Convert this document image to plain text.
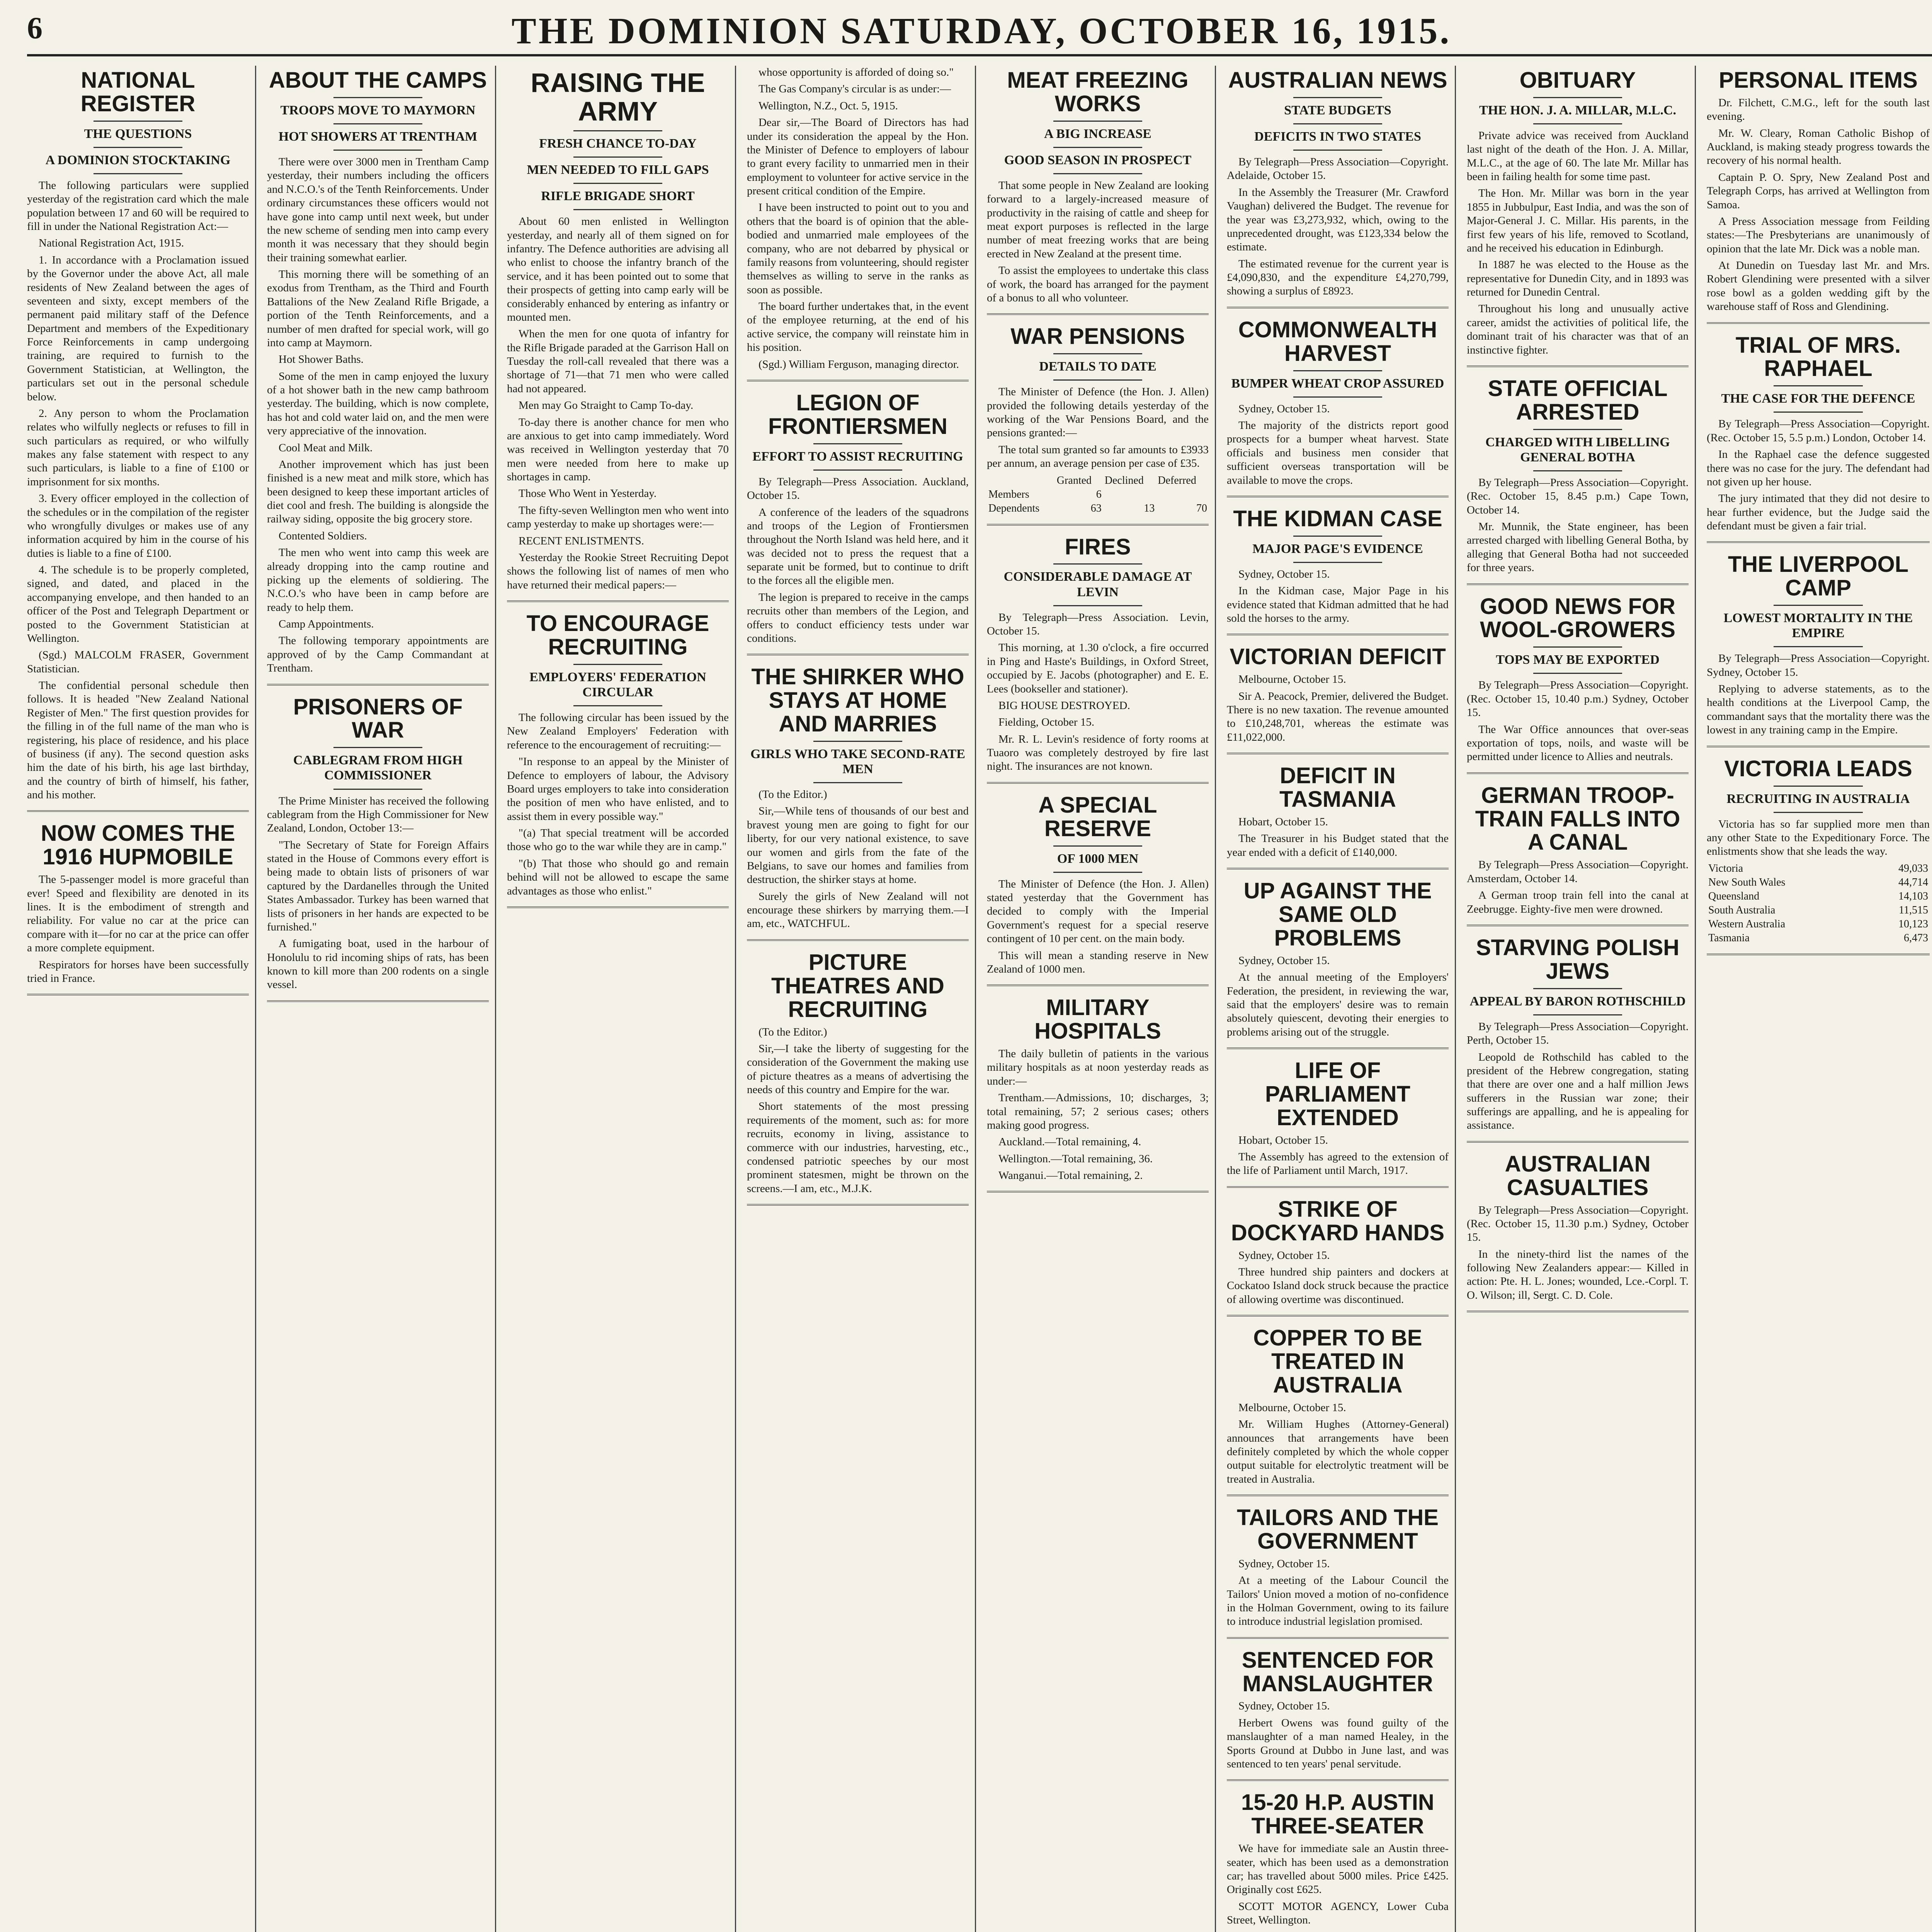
6	THE DOMINION SATURDAY, OCTOBER 16, 1915.
NATIONAL REGISTER
THE QUESTIONS
A DOMINION STOCKTAKING

The following particulars were supplied yesterday of the registration card which the male population between 17 and 60 will be required to fill in under the National Registration Act:—

National Registration Act, 1915.

1. In accordance with a Proclamation issued by the Governor under the above Act, all male residents of New Zealand between the ages of seventeen and sixty, except members of the permanent paid military staff of the Defence Department and members of the Expeditionary Force Reinforcements in camp undergoing training, are required to furnish to the Government Statistician, at Wellington, the particulars set out in the personal schedule below.

2. Any person to whom the Proclamation relates who wilfully neglects or refuses to fill in such particulars as required, or who wilfully makes any false statement with respect to any such particulars, is liable to a fine of £100 or imprisonment for six months.

3. Every officer employed in the collection of the schedules or in the compilation of the register who wrongfully divulges or makes use of any information acquired by him in the course of his duties is liable to a fine of £100.

4. The schedule is to be properly completed, signed, and dated, and placed in the accompanying envelope, and then handed to an officer of the Post and Telegraph Department or posted to the Government Statistician at Wellington.

(Sgd.) MALCOLM FRASER, Government Statistician.

The confidential personal schedule then follows. It is headed "New Zealand National Register of Men." The first question provides for the filling in of the full name of the man who is registering, his place of residence, and his place of business (if any). The second question asks him the date of his birth, his age last birthday, and the country of birth of himself, his father, and his mother.

NOW COMES THE 1916 HUPMOBILE

The 5-passenger model is more graceful than ever! Speed and flexibility are denoted in its lines. It is the embodiment of strength and reliability. For value no car at the price can compare with it—for no car at the price can offer a more complete equipment.

Respirators for horses have been successfully tried in France.

ABOUT THE CAMPS
TROOPS MOVE TO MAYMORN
HOT SHOWERS AT TRENTHAM

There were over 3000 men in Trentham Camp yesterday, their numbers including the officers and N.C.O.'s of the Tenth Reinforcements. Under ordinary circumstances these officers would not have gone into camp until next week, but under the new scheme of sending men into camp every month it was necessary that they should begin their training somewhat earlier.

This morning there will be something of an exodus from Trentham, as the Third and Fourth Battalions of the New Zealand Rifle Brigade, a portion of the Tenth Reinforcements, and a number of men drafted for special work, will go into camp at Maymorn.

Hot Shower Baths.

Some of the men in camp enjoyed the luxury of a hot shower bath in the new camp bathroom yesterday. The building, which is now complete, has hot and cold water laid on, and the men were very appreciative of the innovation.

Cool Meat and Milk.

Another improvement which has just been finished is a new meat and milk store, which has been designed to keep these important articles of diet cool and fresh. The building is alongside the railway siding, opposite the big grocery store.

Contented Soldiers.

The men who went into camp this week are already dropping into the camp routine and picking up the elements of soldiering. The N.C.O.'s who have been in camp before are ready to help them.

Camp Appointments.

The following temporary appointments are approved of by the Camp Commandant at Trentham.

PRISONERS OF WAR
CABLEGRAM FROM HIGH COMMISSIONER

The Prime Minister has received the following cablegram from the High Commissioner for New Zealand, London, October 13:—

"The Secretary of State for Foreign Affairs stated in the House of Commons every effort is being made to obtain lists of prisoners of war captured by the Dardanelles through the United States Ambassador. Turkey has been warned that lists of prisoners in her hands are expected to be furnished."

A fumigating boat, used in the harbour of Honolulu to rid incoming ships of rats, has been known to kill more than 200 rodents on a single vessel.

RAISING THE ARMY
FRESH CHANCE TO-DAY
MEN NEEDED TO FILL GAPS
RIFLE BRIGADE SHORT

About 60 men enlisted in Wellington yesterday, and nearly all of them signed on for infantry. The Defence authorities are advising all who enlist to choose the infantry branch of the service, and it has been pointed out to some that their prospects of getting into camp early will be considerably enhanced by entering as infantry or mounted men.

When the men for one quota of infantry for the Rifle Brigade paraded at the Garrison Hall on Tuesday the roll-call revealed that there was a shortage of 71—that 71 men who were called had not appeared.

Men may Go Straight to Camp To-day.

To-day there is another chance for men who are anxious to get into camp immediately. Word was received in Wellington yesterday that 70 men were needed from here to make up shortages in camp.

Those Who Went in Yesterday.

The fifty-seven Wellington men who went into camp yesterday to make up shortages were:—

RECENT ENLISTMENTS.

Yesterday the Rookie Street Recruiting Depot shows the following list of names of men who have returned their medical papers:—

TO ENCOURAGE RECRUITING
EMPLOYERS' FEDERATION CIRCULAR

The following circular has been issued by the New Zealand Employers' Federation with reference to the encouragement of recruiting:—

"In response to an appeal by the Minister of Defence to employers of labour, the Advisory Board urges employers to take into consideration the position of men who have enlisted, and to assist them in every possible way."

"(a) That special treatment will be accorded those who go to the war while they are in camp."

"(b) That those who should go and remain behind will not be allowed to escape the same advantages as those who enlist."

whose opportunity is afforded of doing so."

The Gas Company's circular is as under:—

Wellington, N.Z., Oct. 5, 1915.

Dear sir,—The Board of Directors has had under its consideration the appeal by the Hon. the Minister of Defence to employers of labour to grant every facility to unmarried men in their employment to volunteer for active service in the present critical condition of the Empire.

I have been instructed to point out to you and others that the board is of opinion that the able-bodied and unmarried male employees of the company, who are not debarred by physical or family reasons from volunteering, should register themselves as willing to serve in the ranks as soon as possible.

The board further undertakes that, in the event of the employee returning, at the end of his active service, the company will reinstate him in his position.

(Sgd.) William Ferguson, managing director.

LEGION OF FRONTIERSMEN
EFFORT TO ASSIST RECRUITING

By Telegraph—Press Association. Auckland, October 15.

A conference of the leaders of the squadrons and troops of the Legion of Frontiersmen throughout the North Island was held here, and it was decided not to press the request that a separate unit be formed, but to continue to drift to the forces all the eligible men.

The legion is prepared to receive in the camps recruits other than members of the Legion, and offers to conduct efficiency tests under war conditions.

THE SHIRKER WHO STAYS AT HOME AND MARRIES
GIRLS WHO TAKE SECOND-RATE MEN

(To the Editor.)

Sir,—While tens of thousands of our best and bravest young men are going to fight for our liberty, for our very national existence, to save our women and girls from the fate of the Belgians, to save our homes and families from destruction, the shirker stays at home.

Surely the girls of New Zealand will not encourage these shirkers by marrying them.—I am, etc., WATCHFUL.

PICTURE THEATRES AND RECRUITING

(To the Editor.)

Sir,—I take the liberty of suggesting for the consideration of the Government the making use of picture theatres as a means of advertising the needs of this country and Empire for the war.

Short statements of the most pressing requirements of the moment, such as: for more recruits, economy in living, assistance to commerce with our industries, harvesting, etc., condensed patriotic speeches by our most prominent statesmen, might be thrown on the screens.—I am, etc., M.J.K.

MEAT FREEZING WORKS
A BIG INCREASE
GOOD SEASON IN PROSPECT

That some people in New Zealand are looking forward to a largely-increased measure of productivity in the raising of cattle and sheep for meat export purposes is reflected in the large number of meat freezing works that are being erected in New Zealand at the present time.

To assist the employees to undertake this class of work, the board has arranged for the payment of a bonus to all who volunteer.

WAR PENSIONS
DETAILS TO DATE

The Minister of Defence (the Hon. J. Allen) provided the following details yesterday of the working of the War Pensions Board, and the pensions granted:—

The total sum granted so far amounts to £3933 per annum, an average pension per case of £35.

	Granted	Declined	Deferred
Members	6		
Dependents	63	13	70
FIRES
CONSIDERABLE DAMAGE AT LEVIN

By Telegraph—Press Association. Levin, October 15.

This morning, at 1.30 o'clock, a fire occurred in Ping and Haste's Buildings, in Oxford Street, occupied by E. Jacobs (photographer) and E. E. Lees (bookseller and stationer).

BIG HOUSE DESTROYED.

Fielding, October 15.

Mr. R. L. Levin's residence of forty rooms at Tuaoro was completely destroyed by fire last night. The insurances are not known.

A SPECIAL RESERVE
OF 1000 MEN

The Minister of Defence (the Hon. J. Allen) stated yesterday that the Government has decided to comply with the Imperial Government's request for a special reserve contingent of 10 per cent. on the main body.

This will mean a standing reserve in New Zealand of 1000 men.

MILITARY HOSPITALS

The daily bulletin of patients in the various military hospitals as at noon yesterday reads as under:—

Trentham.—Admissions, 10; discharges, 3; total remaining, 57; 2 serious cases; others making good progress.

Auckland.—Total remaining, 4.

Wellington.—Total remaining, 36.

Wanganui.—Total remaining, 2.

AUSTRALIAN NEWS
STATE BUDGETS
DEFICITS IN TWO STATES

By Telegraph—Press Association—Copyright. Adelaide, October 15.

In the Assembly the Treasurer (Mr. Crawford Vaughan) delivered the Budget. The revenue for the year was £3,273,932, which, owing to the unprecedented drought, was £123,334 below the estimate.

The estimated revenue for the current year is £4,090,830, and the expenditure £4,270,799, showing a surplus of £8923.

COMMONWEALTH HARVEST
BUMPER WHEAT CROP ASSURED

Sydney, October 15.

The majority of the districts report good prospects for a bumper wheat harvest. State officials and business men consider that sufficient overseas transportation will be available to move the crops.

THE KIDMAN CASE
MAJOR PAGE'S EVIDENCE

Sydney, October 15.

In the Kidman case, Major Page in his evidence stated that Kidman admitted that he had sold the horses to the army.

VICTORIAN DEFICIT

Melbourne, October 15.

Sir A. Peacock, Premier, delivered the Budget. There is no new taxation. The revenue amounted to £10,248,701, whereas the estimate was £11,022,000.

DEFICIT IN TASMANIA

Hobart, October 15.

The Treasurer in his Budget stated that the year ended with a deficit of £140,000.

UP AGAINST THE SAME OLD PROBLEMS

Sydney, October 15.

At the annual meeting of the Employers' Federation, the president, in reviewing the war, said that the employers' desire was to remain absolutely quiescent, devoting their energies to problems arising out of the struggle.

LIFE OF PARLIAMENT EXTENDED

Hobart, October 15.

The Assembly has agreed to the extension of the life of Parliament until March, 1917.

STRIKE OF DOCKYARD HANDS

Sydney, October 15.

Three hundred ship painters and dockers at Cockatoo Island dock struck because the practice of allowing overtime was discontinued.

COPPER TO BE TREATED IN AUSTRALIA

Melbourne, October 15.

Mr. William Hughes (Attorney-General) announces that arrangements have been definitely completed by which the whole copper output suitable for electrolytic treatment will be treated in Australia.

TAILORS AND THE GOVERNMENT

Sydney, October 15.

At a meeting of the Labour Council the Tailors' Union moved a motion of no-confidence in the Holman Government, owing to its failure to introduce industrial legislation promised.

SENTENCED FOR MANSLAUGHTER

Sydney, October 15.

Herbert Owens was found guilty of the manslaughter of a man named Healey, in the Sports Ground at Dubbo in June last, and was sentenced to ten years' penal servitude.

15-20 H.P. AUSTIN THREE-SEATER

We have for immediate sale an Austin three-seater, which has been used as a demonstration car; has travelled about 5000 miles. Price £425. Originally cost £625.

SCOTT MOTOR AGENCY, Lower Cuba Street, Wellington.

OBITUARY
THE HON. J. A. MILLAR, M.L.C.

Private advice was received from Auckland last night of the death of the Hon. J. A. Millar, M.L.C., at the age of 60. The late Mr. Millar has been in failing health for some time past.

The Hon. Mr. Millar was born in the year 1855 in Jubbulpur, East India, and was the son of Major-General J. C. Millar. His parents, in the first few years of his life, removed to Scotland, and he received his education in Edinburgh.

In 1887 he was elected to the House as the representative for Dunedin City, and in 1893 was returned for Dunedin Central.

Throughout his long and unusually active career, amidst the activities of political life, the dominant trait of his character was that of an instinctive fighter.

STATE OFFICIAL ARRESTED
CHARGED WITH LIBELLING GENERAL BOTHA

By Telegraph—Press Association—Copyright. (Rec. October 15, 8.45 p.m.) Cape Town, October 14.

Mr. Munnik, the State engineer, has been arrested charged with libelling General Botha, by alleging that General Botha had not succeeded for three years.

GOOD NEWS FOR WOOL-GROWERS
TOPS MAY BE EXPORTED

By Telegraph—Press Association—Copyright. (Rec. October 15, 10.40 p.m.) Sydney, October 15.

The War Office announces that over-seas exportation of tops, noils, and waste will be permitted under licence to Allies and neutrals.

GERMAN TROOP-TRAIN FALLS INTO A CANAL

By Telegraph—Press Association—Copyright. Amsterdam, October 14.

A German troop train fell into the canal at Zeebrugge. Eighty-five men were drowned.

STARVING POLISH JEWS
APPEAL BY BARON ROTHSCHILD

By Telegraph—Press Association—Copyright. Perth, October 15.

Leopold de Rothschild has cabled to the president of the Hebrew congregation, stating that there are over one and a half million Jews sufferers in the Russian war zone; their sufferings are appalling, and he is appealing for assistance.

AUSTRALIAN CASUALTIES

By Telegraph—Press Association—Copyright. (Rec. October 15, 11.30 p.m.) Sydney, October 15.

In the ninety-third list the names of the following New Zealanders appear:— Killed in action: Pte. H. L. Jones; wounded, Lce.-Corpl. T. O. Wilson; ill, Sergt. C. D. Cole.

PERSONAL ITEMS

Dr. Filchett, C.M.G., left for the south last evening.

Mr. W. Cleary, Roman Catholic Bishop of Auckland, is making steady progress towards the recovery of his normal health.

Captain P. O. Spry, New Zealand Post and Telegraph Corps, has arrived at Wellington from Samoa.

A Press Association message from Feilding states:—The Presbyterians are unanimously of opinion that the late Mr. Dick was a noble man.

At Dunedin on Tuesday last Mr. and Mrs. Robert Glendining were presented with a silver rose bowl as a golden wedding gift by the warehouse staff of Ross and Glendining.

TRIAL OF MRS. RAPHAEL
THE CASE FOR THE DEFENCE

By Telegraph—Press Association—Copyright. (Rec. October 15, 5.5 p.m.) London, October 14.

In the Raphael case the defence suggested there was no case for the jury. The defendant had not given up her house.

The jury intimated that they did not desire to hear further evidence, but the Judge said the defendant must be given a fair trial.

THE LIVERPOOL CAMP
LOWEST MORTALITY IN THE EMPIRE

By Telegraph—Press Association—Copyright. Sydney, October 15.

Replying to adverse statements, as to the health conditions at the Liverpool Camp, the commandant says that the mortality there was the lowest in any training camp in the Empire.

VICTORIA LEADS
RECRUITING IN AUSTRALIA

Victoria has so far supplied more men than any other State to the Expeditionary Force. The enlistments show that she leads the way.

Victoria	49,033
New South Wales	44,714
Queensland	14,103
South Australia	11,515
Western Australia	10,123
Tasmania	6,473
